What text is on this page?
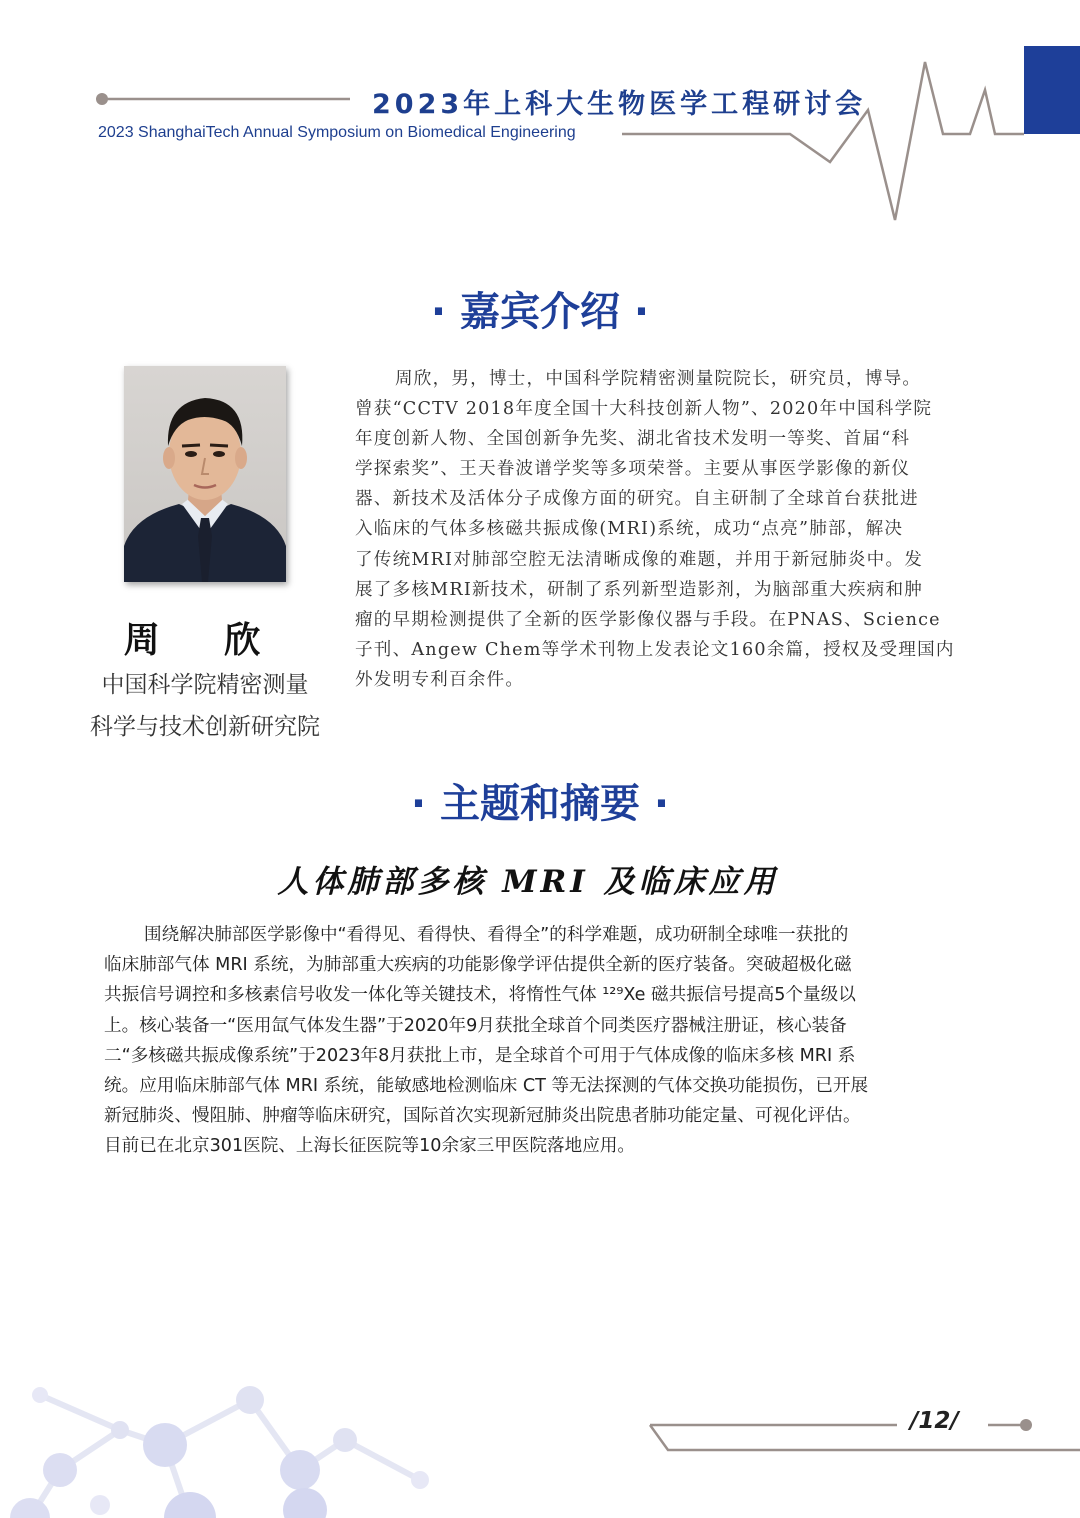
2023年上科大生物医学工程研讨会
2023 ShanghaiTech Annual Symposium on Biomedical Engineering
· 嘉宾介绍 ·
周 欣
中国科学院精密测量
科学与技术创新研究院
周欣，男，博士，中国科学院精密测量院院长，研究员，博导。
曾获“CCTV 2018年度全国十大科技创新人物”、2020年中国科学院
年度创新人物、全国创新争先奖、湖北省技术发明一等奖、首届“科
学探索奖”、王天眷波谱学奖等多项荣誉。主要从事医学影像的新仪
器、新技术及活体分子成像方面的研究。自主研制了全球首台获批进
入临床的气体多核磁共振成像(MRI)系统，成功“点亮”肺部，解决
了传统MRI对肺部空腔无法清晰成像的难题，并用于新冠肺炎中。发
展了多核MRI新技术，研制了系列新型造影剂，为脑部重大疾病和肿
瘤的早期检测提供了全新的医学影像仪器与手段。在PNAS、Science
子刊、Angew Chem等学术刊物上发表论文160余篇，授权及受理国内
外发明专利百余件。
· 主题和摘要 ·
人体肺部多核 MRI 及临床应用
围绕解决肺部医学影像中“看得见、看得快、看得全”的科学难题，成功研制全球唯一获批的
临床肺部气体 MRI 系统，为肺部重大疾病的功能影像学评估提供全新的医疗装备。突破超极化磁
共振信号调控和多核素信号收发一体化等关键技术，将惰性气体 ¹²⁹Xe 磁共振信号提高5个量级以
上。核心装备一“医用氙气体发生器”于2020年9月获批全球首个同类医疗器械注册证，核心装备
二“多核磁共振成像系统”于2023年8月获批上市，是全球首个可用于气体成像的临床多核 MRI 系
统。应用临床肺部气体 MRI 系统，能敏感地检测临床 CT 等无法探测的气体交换功能损伤，已开展
新冠肺炎、慢阻肺、肿瘤等临床研究，国际首次实现新冠肺炎出院患者肺功能定量、可视化评估。
目前已在北京301医院、上海长征医院等10余家三甲医院落地应用。
/12/
